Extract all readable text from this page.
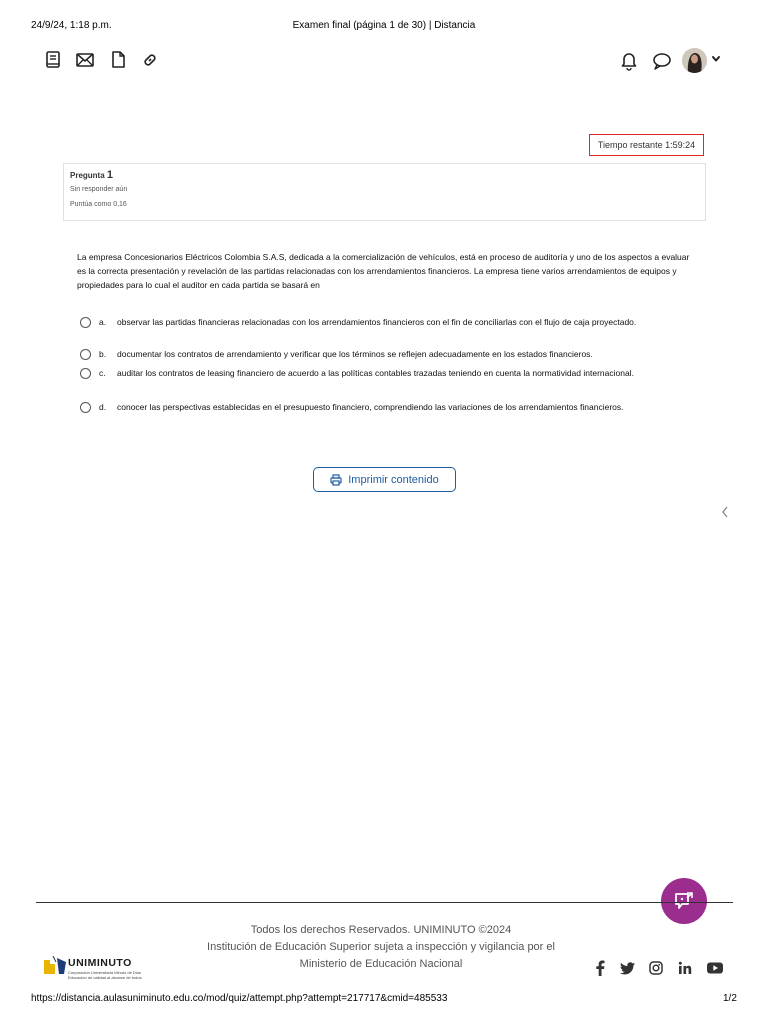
24/9/24, 1:18 p.m.	Examen final (página 1 de 30) | Distancia
Tiempo restante 1:59:24
Pregunta 1
Sin responder aún
Puntúa como 0,16
La empresa Concesionarios Eléctricos Colombia S.A.S, dedicada a la comercialización de vehículos, está en proceso de auditoría y uno de los aspectos a evaluar es la correcta presentación y revelación de las partidas relacionadas con los arrendamientos financieros. La empresa tiene varios arrendamientos de equipos y propiedades para lo cual el auditor en cada partida se basará en
a.	observar las partidas financieras relacionadas con los arrendamientos financieros con el fin de conciliarlas con el flujo de caja proyectado.
b.	documentar los contratos de arrendamiento y verificar que los términos se reflejen adecuadamente en los estados financieros.
c.	auditar los contratos de leasing financiero de acuerdo a las políticas contables trazadas teniendo en cuenta la normatividad internacional.
d.	conocer las perspectivas establecidas en el presupuesto financiero, comprendiendo las variaciones de los arrendamientos financieros.
Imprimir contenido
Todos los derechos Reservados. UNIMINUTO ©2024
Institución de Educación Superior sujeta a inspección y vigilancia por el
Ministerio de Educación Nacional
UNIMINUTO
Corporación Universitaria Minuto de Dios
Educación de calidad al alcance de todos
https://distancia.aulasuniminuto.edu.co/mod/quiz/attempt.php?attempt=217717&cmid=485533	1/2
